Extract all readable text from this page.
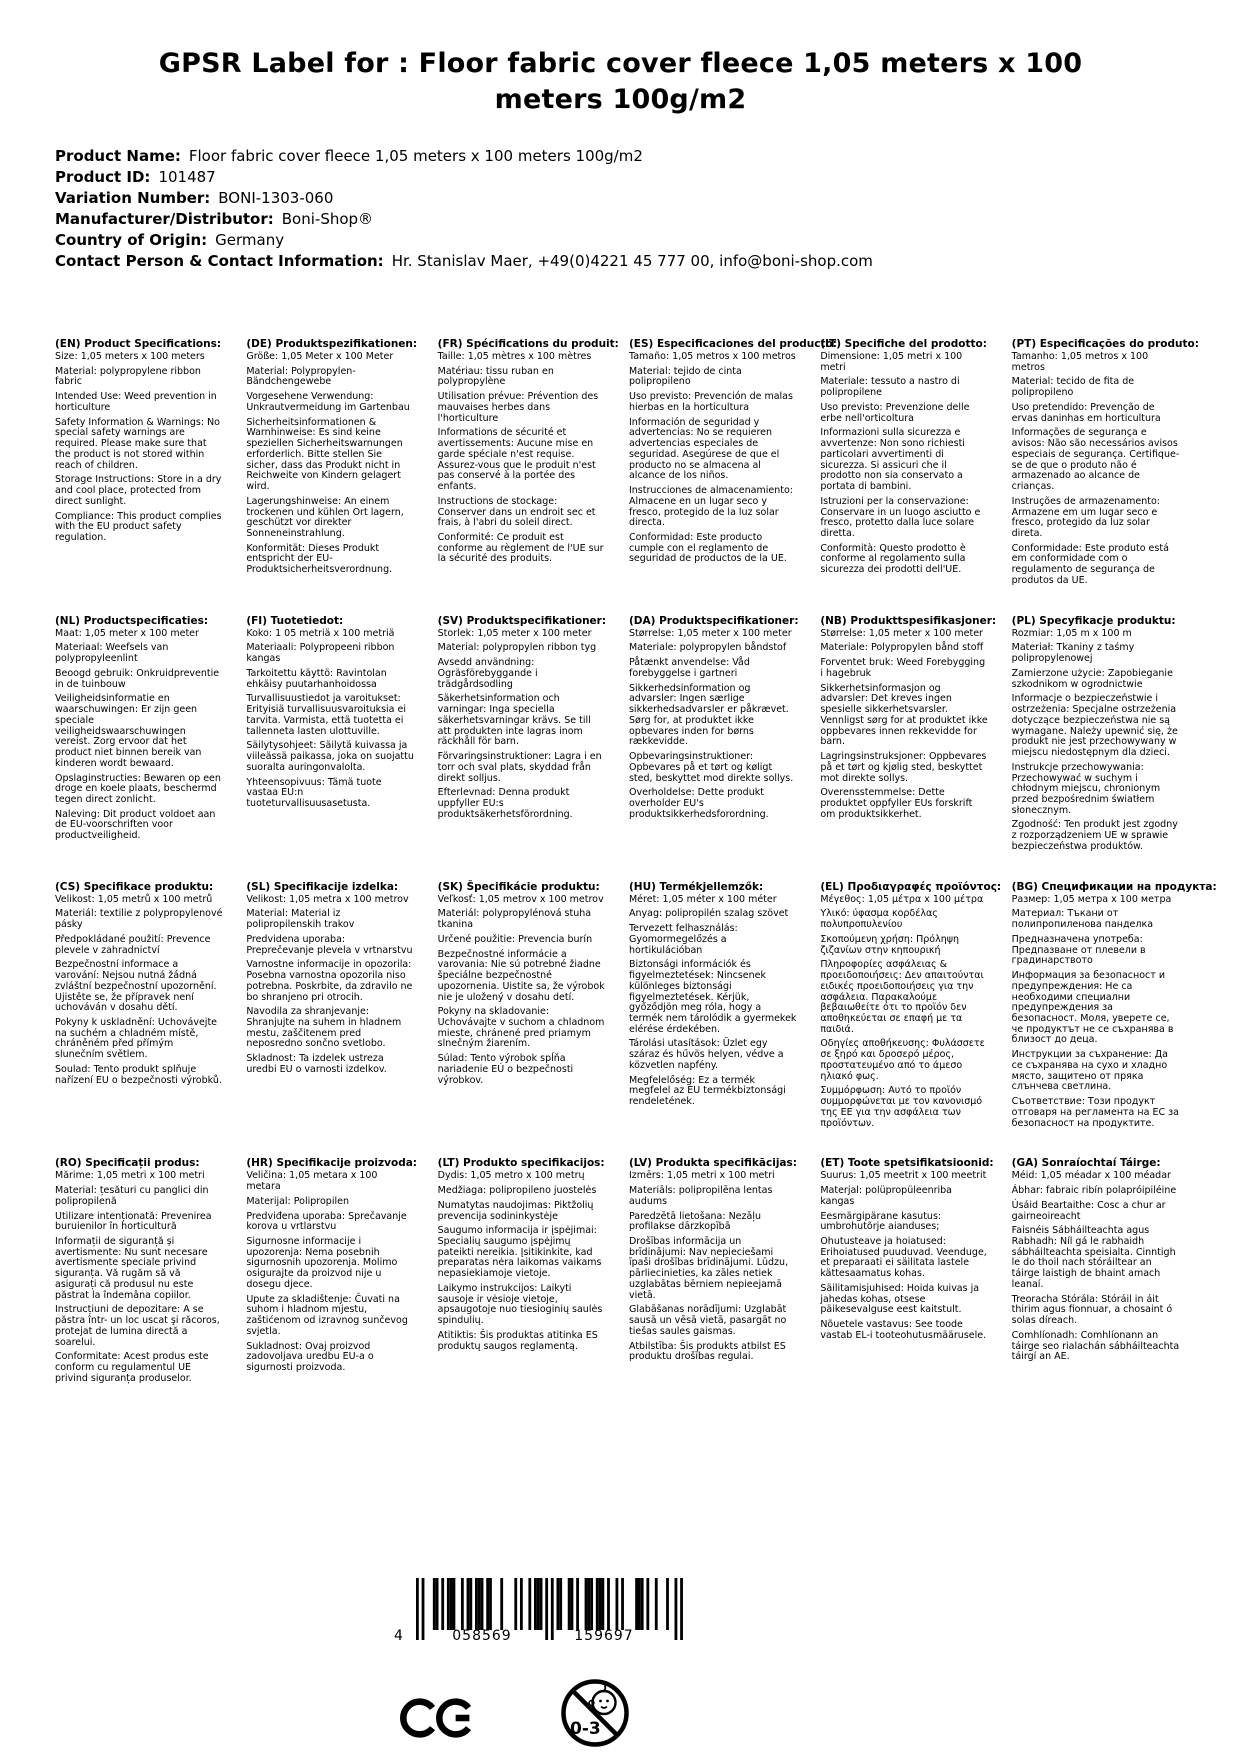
GPSR Label for : Floor fabric cover fleece 1,05 meters x 100 meters 100g/m2
Product Name: Floor fabric cover fleece 1,05 meters x 100 meters 100g/m2
Product ID: 101487
Variation Number: BONI-1303-060
Manufacturer/Distributor: Boni-Shop®
Country of Origin: Germany
Contact Person & Contact Information: Hr. Stanislav Maer, +49(0)4221 45 777 00, info@boni-shop.com
(EN) Product Specifications:

Size: 1,05 meters x 100 meters

Material: polypropylene ribbon fabric

Intended Use: Weed prevention in horticulture

Safety Information & Warnings: No special safety warnings are required. Please make sure that the product is not stored within reach of children.

Storage Instructions: Store in a dry and cool place, protected from direct sunlight.

Compliance: This product complies with the EU product safety regulation.

(DE) Produktspezifikationen:

Größe: 1,05 Meter x 100 Meter

Material: Polypropylen-Bändchengewebe

Vorgesehene Verwendung: Unkrautvermeidung im Gartenbau

Sicherheitsinformationen & Warnhinweise: Es sind keine speziellen Sicherheitswarnungen erforderlich. Bitte stellen Sie sicher, dass das Produkt nicht in Reichweite von Kindern gelagert wird.

Lagerungshinweise: An einem trockenen und kühlen Ort lagern, geschützt vor direkter Sonneneinstrahlung.

Konformität: Dieses Produkt entspricht der EU-Produktsicherheitsverordnung.

(FR) Spécifications du produit:

Taille: 1,05 mètres x 100 mètres

Matériau: tissu ruban en polypropylène

Utilisation prévue: Prévention des mauvaises herbes dans l'horticulture

Informations de sécurité et avertissements: Aucune mise en garde spéciale n'est requise. Assurez-vous que le produit n'est pas conservé à la portée des enfants.

Instructions de stockage: Conserver dans un endroit sec et frais, à l'abri du soleil direct.

Conformité: Ce produit est conforme au règlement de l'UE sur la sécurité des produits.

(ES) Especificaciones del producto:

Tamaño: 1,05 metros x 100 metros

Material: tejido de cinta polipropileno

Uso previsto: Prevención de malas hierbas en la horticultura

Información de seguridad y advertencias: No se requieren advertencias especiales de seguridad. Asegúrese de que el producto no se almacena al alcance de los niños.

Instrucciones de almacenamiento: Almacene en un lugar seco y fresco, protegido de la luz solar directa.

Conformidad: Este producto cumple con el reglamento de seguridad de productos de la UE.

(IT) Specifiche del prodotto:

Dimensione: 1,05 metri x 100 metri

Materiale: tessuto a nastro di polipropilene

Uso previsto: Prevenzione delle erbe nell'orticoltura

Informazioni sulla sicurezza e avvertenze: Non sono richiesti particolari avvertimenti di sicurezza. Si assicuri che il prodotto non sia conservato a portata di bambini.

Istruzioni per la conservazione: Conservare in un luogo asciutto e fresco, protetto dalla luce solare diretta.

Conformità: Questo prodotto è conforme al regolamento sulla sicurezza dei prodotti dell'UE.

(PT) Especificações do produto:

Tamanho: 1,05 metros x 100 metros

Material: tecido de fita de polipropileno

Uso pretendido: Prevenção de ervas daninhas em horticultura

Informações de segurança e avisos: Não são necessários avisos especiais de segurança. Certifique-se de que o produto não é armazenado ao alcance de crianças.

Instruções de armazenamento: Armazene em um lugar seco e fresco, protegido da luz solar direta.

Conformidade: Este produto está em conformidade com o regulamento de segurança de produtos da UE.

(NL) Productspecificaties:

Maat: 1,05 meter x 100 meter

Materiaal: Weefsels van polypropyleenlint

Beoogd gebruik: Onkruidpreventie in de tuinbouw

Veiligheidsinformatie en waarschuwingen: Er zijn geen speciale veiligheidswaarschuwingen vereist. Zorg ervoor dat het product niet binnen bereik van kinderen wordt bewaard.

Opslaginstructies: Bewaren op een droge en koele plaats, beschermd tegen direct zonlicht.

Naleving: Dit product voldoet aan de EU-voorschriften voor productveiligheid.

(FI) Tuotetiedot:

Koko: 1 05 metriä x 100 metriä

Materiaali: Polypropeeni ribbon kangas

Tarkoitettu käyttö: Ravintolan ehkäisy puutarhanhoidossa

Turvallisuustiedot ja varoitukset: Erityisiä turvallisuusvaroituksia ei tarvita. Varmista, että tuotetta ei tallenneta lasten ulottuville.

Säilytysohjeet: Säilytä kuivassa ja viileässä paikassa, joka on suojattu suoralta auringonvalolta.

Yhteensopivuus: Tämä tuote vastaa EU:n tuoteturvallisuusasetusta.

(SV) Produktspecifikationer:

Storlek: 1,05 meter x 100 meter

Material: polypropylen ribbon tyg

Avsedd användning: Ogräsförebyggande i trädgårdsodling

Säkerhetsinformation och varningar: Inga speciella säkerhetsvarningar krävs. Se till att produkten inte lagras inom räckhåll för barn.

Förvaringsinstruktioner: Lagra i en torr och sval plats, skyddad från direkt solljus.

Efterlevnad: Denna produkt uppfyller EU:s produktsäkerhetsförordning.

(DA) Produktspecifikationer:

Størrelse: 1,05 meter x 100 meter

Materiale: polypropylen båndstof

Påtænkt anvendelse: Våd forebyggelse i gartneri

Sikkerhedsinformation og advarsler: Ingen særlige sikkerhedsadvarsler er påkrævet. Sørg for, at produktet ikke opbevares inden for børns rækkevidde.

Opbevaringsinstruktioner: Opbevares på et tørt og køligt sted, beskyttet mod direkte sollys.

Overholdelse: Dette produkt overholder EU's produktsikkerhedsforordning.

(NB) Produkttspesifikasjoner:

Størrelse: 1,05 meter x 100 meter

Materiale: Polypropylen bånd stoff

Forventet bruk: Weed Forebygging i hagebruk

Sikkerhetsinformasjon og advarsler: Det kreves ingen spesielle sikkerhetsvarsler. Vennligst sørg for at produktet ikke oppbevares innen rekkevidde for barn.

Lagringsinstruksjoner: Oppbevares på et tørt og kjølig sted, beskyttet mot direkte sollys.

Overensstemmelse: Dette produktet oppfyller EUs forskrift om produktsikkerhet.

(PL) Specyfikacje produktu:

Rozmiar: 1,05 m x 100 m

Materiał: Tkaniny z taśmy polipropylenowej

Zamierzone użycie: Zapobieganie szkodnikom w ogrodnictwie

Informacje o bezpieczeństwie i ostrzeżenia: Specjalne ostrzeżenia dotyczące bezpieczeństwa nie są wymagane. Należy upewnić się, że produkt nie jest przechowywany w miejscu niedostępnym dla dzieci.

Instrukcje przechowywania: Przechowywać w suchym i chłodnym miejscu, chronionym przed bezpośrednim światłem słonecznym.

Zgodność: Ten produkt jest zgodny z rozporządzeniem UE w sprawie bezpieczeństwa produktów.

(CS) Specifikace produktu:

Velikost: 1,05 metrů x 100 metrů

Materiál: textilie z polypropylenové pásky

Předpokládané použití: Prevence plevele v zahradnictví

Bezpečnostní informace a varování: Nejsou nutná žádná zvláštní bezpečnostní upozornění. Ujistěte se, že přípravek není uchováván v dosahu dětí.

Pokyny k uskladnění: Uchovávejte na suchém a chladném místě, chráněném před přímým slunečním světlem.

Soulad: Tento produkt splňuje nařízení EU o bezpečnosti výrobků.

(SL) Specifikacije izdelka:

Velikost: 1,05 metra x 100 metrov

Material: Material iz polipropilenskih trakov

Predvidena uporaba: Preprečevanje plevela v vrtnarstvu

Varnostne informacije in opozorila: Posebna varnostna opozorila niso potrebna. Poskrbite, da zdravilo ne bo shranjeno pri otrocih.

Navodila za shranjevanje: Shranjujte na suhem in hladnem mestu, zaščitenem pred neposredno sončno svetlobo.

Skladnost: Ta izdelek ustreza uredbi EU o varnosti izdelkov.

(SK) Špecifikácie produktu:

Veľkosť: 1,05 metrov x 100 metrov

Materiál: polypropylénová stuha tkanina

Určené použitie: Prevencia burín

Bezpečnostné informácie a varovania: Nie sú potrebné žiadne špeciálne bezpečnostné upozornenia. Uistite sa, že výrobok nie je uložený v dosahu detí.

Pokyny na skladovanie: Uchovávajte v suchom a chladnom mieste, chránené pred priamym slnečným žiarením.

Súlad: Tento výrobok spĺňa nariadenie EÚ o bezpečnosti výrobkov.

(HU) Termékjellemzők:

Méret: 1,05 méter x 100 méter

Anyag: polipropilén szalag szövet

Tervezett felhasználás: Gyomormegelőzés a hortikulációban

Biztonsági információk és figyelmeztetések: Nincsenek különleges biztonsági figyelmeztetések. Kérjük, győződjön meg róla, hogy a termék nem tárolódik a gyermekek elérése érdekében.

Tárolási utasítások: Üzlet egy száraz és hűvös helyen, védve a közvetlen napfény.

Megfelelőség: Ez a termék megfelel az EU termékbiztonsági rendeletének.

(EL) Προδιαγραφές προϊόντος:

Μέγεθος: 1,05 μέτρα x 100 μέτρα

Υλικό: ύφασμα κορδέλας πολυπροπυλενίου

Σκοπούμενη χρήση: Πρόληψη ζιζανίων στην κηπουρική

Πληροφορίες ασφάλειας & προειδοποιήσεις: Δεν απαιτούνται ειδικές προειδοποιήσεις για την ασφάλεια. Παρακαλούμε βεβαιωθείτε ότι το προϊόν δεν αποθηκεύεται σε επαφή με τα παιδιά.

Οδηγίες αποθήκευσης: Φυλάσσετε σε ξηρό και δροσερό μέρος, προστατευμένο από το άμεσο ηλιακό φως.

Συμμόρφωση: Αυτό το προϊόν συμμορφώνεται με τον κανονισμό της ΕΕ για την ασφάλεια των προϊόντων.

(BG) Спецификации на продукта:

Размер: 1,05 метра x 100 метра

Материал: Тъкани от полипропиленова панделка

Предназначена употреба: Предпазване от плевели в градинарството

Информация за безопасност и предупреждения: Не са необходими специални предупреждения за безопасност. Моля, уверете се, че продуктът не се съхранява в близост до деца.

Инструкции за съхранение: Да се съхранява на сухо и хладно място, защитено от пряка слънчева светлина.

Съответствие: Този продукт отговаря на регламента на ЕС за безопасност на продуктите.

(RO) Specificații produs:

Mărime: 1,05 metri x 100 metri

Material: țesături cu panglici din polipropilenă

Utilizare intenționată: Prevenirea buruienilor în horticultură

Informații de siguranță și avertismente: Nu sunt necesare avertismente speciale privind siguranța. Vă rugăm să vă asigurați că produsul nu este păstrat la îndemâna copiilor.

Instrucțiuni de depozitare: A se păstra într- un loc uscat şi răcoros, protejat de lumina directă a soarelui.

Conformitate: Acest produs este conform cu regulamentul UE privind siguranța produselor.

(HR) Specifikacije proizvoda:

Veličina: 1,05 metara x 100 metara

Materijal: Polipropilen

Predviđena uporaba: Sprečavanje korova u vrtlarstvu

Sigurnosne informacije i upozorenja: Nema posebnih sigurnosnih upozorenja. Molimo osigurajte da proizvod nije u dosegu djece.

Upute za skladištenje: Čuvati na suhom i hladnom mjestu, zaštićenom od izravnog sunčevog svjetla.

Sukladnost: Ovaj proizvod zadovoljava uredbu EU-a o sigurnosti proizvoda.

(LT) Produkto specifikacijos:

Dydis: 1,05 metro x 100 metrų

Medžiaga: polipropileno juostelės

Numatytas naudojimas: Piktžolių prevencija sodininkystėje

Saugumo informacija ir įspėjimai: Specialių saugumo įspėjimų pateikti nereikia. Įsitikinkite, kad preparatas nėra laikomas vaikams nepasiekiamoje vietoje.

Laikymo instrukcijos: Laikyti sausoje ir vėsioje vietoje, apsaugotoje nuo tiesioginių saulės spindulių.

Atitiktis: Šis produktas atitinka ES produktų saugos reglamentą.

(LV) Produkta specifikācijas:

Izmērs: 1,05 metri x 100 metri

Materiāls: polipropilēna lentas audums

Paredzētā lietošana: Nezāļu profilakse dārzkopībā

Drošības informācija un brīdinājumi: Nav nepieciešami īpaši drošības brīdinājumi. Lūdzu, pārliecinieties, ka zāles netiek uzglabātas bērniem nepieejamā vietā.

Glabāšanas norādījumi: Uzglabāt sausā un vēsā vietā, pasargāt no tiešas saules gaismas.

Atbilstība: Šis produkts atbilst ES produktu drošības regulai.

(ET) Toote spetsifikatsioonid:

Suurus: 1,05 meetrit x 100 meetrit

Materjal: polüpropüleenriba kangas

Eesmärgipärane kasutus: umbrohutõrje aianduses;

Ohutusteave ja hoiatused: Erihoiatused puuduvad. Veenduge, et preparaati ei säilitata lastele kättesaamatus kohas.

Säilitamisjuhised: Hoida kuivas ja jahedas kohas, otsese päikesevalguse eest kaitstult.

Nõuetele vastavus: See toode vastab EL-i tooteohutusmäärusele.

(GA) Sonraíochtaí Táirge:

Méid: 1,05 méadar x 100 méadar

Ábhar: fabraic ribín polapróipiléine

Úsáid Beartaithe: Cosc a chur ar gairneoireacht

Faisnéis Sábháilteachta agus Rabhadh: Níl gá le rabhaidh sábháilteachta speisialta. Cinntigh le do thoil nach stóráiltear an táirge laistigh de bhaint amach leanaí.

Treoracha Stórála: Stóráil in áit thirim agus fionnuar, a chosaint ó solas díreach.

Comhlíonadh: Comhlíonann an táirge seo rialachán sábháilteachta táirgí an AE.

4	058569	159697
0-3
